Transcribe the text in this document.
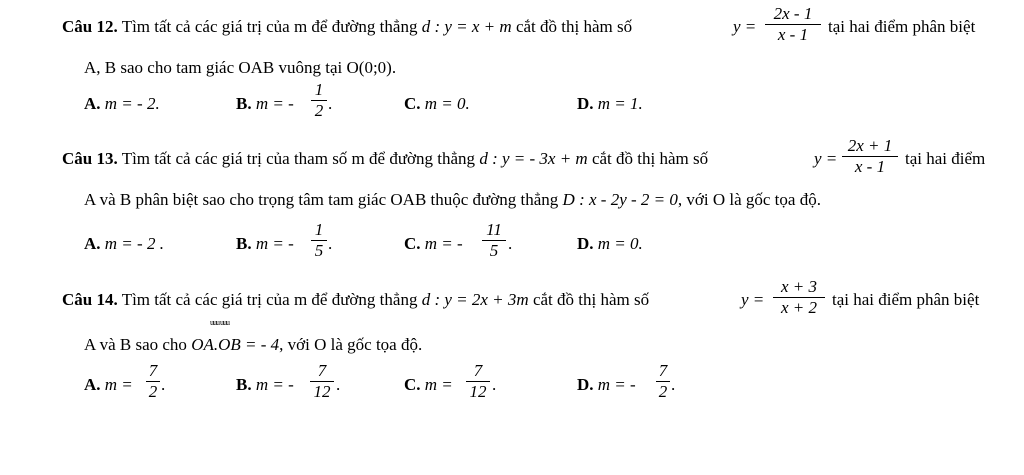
Câu 12. Tìm tất cả các giá trị của m để đường thẳng d : y = x + m cắt đồ thị hàm số	y =
2x - 1
x - 1	tại hai điểm phân biệt
A, B sao cho tam giác OAB vuông tại O(0;0).
A. m = - 2.	B. m = -
1
2 .	C. m = 0.	D. m = 1.
Câu 13. Tìm tất cả các giá trị của tham số m để đường thẳng d : y = - 3x + m cắt đồ thị hàm số	y =
2x + 1
x - 1	tại hai điểm
A và B phân biệt sao cho trọng tâm tam giác OAB thuộc đường thẳng D : x - 2y - 2 = 0, với O là gốc tọa độ.
A. m = - 2 .	B. m = -
1
5 .	C. m = -
11
5 .	D. m = 0.
Câu 14. Tìm tất cả các giá trị của m để đường thẳng d : y = 2x + 3m cắt đồ thị hàm số	y =
x + 3
x + 2 tại hai điểm phân biệt
uuu uuu
A và B sao cho OA.OB = - 4, với O là gốc tọa độ.
A. m =
7
2 .	B. m = -
7
12 .	C. m =
7
12 .	D. m = -
7
2 .
